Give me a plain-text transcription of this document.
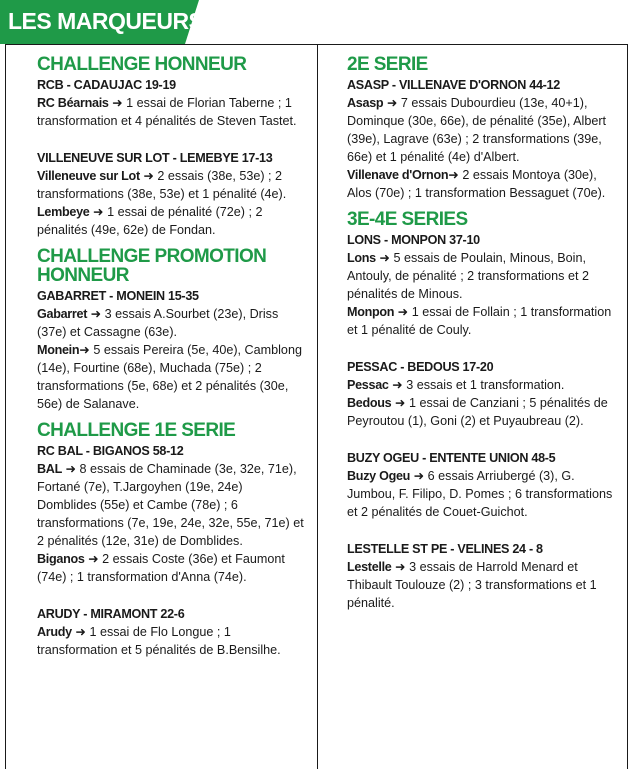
LES MARQUEURS
CHALLENGE HONNEUR
RCB - CADAUJAC 19-19

RC Béarnais ➜ 1 essai de Florian Taberne ; 1 transformation et 4 pénalités de Steven Tastet.

VILLENEUVE SUR LOT - LEMEBYE 17-13

Villeneuve sur Lot ➜ 2 essais (38e, 53e) ; 2 transformations (38e, 53e) et 1 pénalité (4e).

Lembeye ➜ 1 essai de pénalité (72e) ; 2 pénalités (49e, 62e) de Fondan.

CHALLENGE PROMOTION HONNEUR
GABARRET - MONEIN 15-35

Gabarret ➜ 3 essais A.Sourbet (23e), Driss (37e) et Cassagne (63e).

Monein➜ 5 essais Pereira (5e, 40e), Camblong (14e), Fourtine (68e), Muchada (75e) ; 2 transformations (5e, 68e) et 2 pénalités (30e, 56e) de Salanave.

CHALLENGE 1E SERIE
RC BAL - BIGANOS 58-12

BAL ➜ 8 essais de Chaminade (3e, 32e, 71e), Fortané (7e), T.Jargoyhen (19e, 24e) Domblides (55e) et Cambe (78e) ; 6 transformations (7e, 19e, 24e, 32e, 55e, 71e) et 2 pénalités (12e, 31e) de Domblides.

Biganos ➜ 2 essais Coste (36e) et Faumont (74e) ; 1 transformation d'Anna (74e).

ARUDY - MIRAMONT 22-6

Arudy ➜ 1 essai de Flo Longue ; 1 transformation et 5 pénalités de B.Bensilhe.

2E SERIE
ASASP - VILLENAVE D'ORNON 44-12

Asasp ➜ 7 essais Dubourdieu (13e, 40+1), Dominque (30e, 66e), de pénalité (35e), Albert (39e), Lagrave (63e) ; 2 transformations (39e, 66e) et 1 pénalité (4e) d'Albert.

Villenave d'Ornon➜ 2 essais Montoya (30e), Alos (70e) ; 1 transformation Bessaguet (70e).

3E-4E SERIES
LONS - MONPON 37-10

Lons ➜ 5 essais de Poulain, Minous, Boin, Antouly, de pénalité ; 2 transformations et 2 pénalités de Minous.

Monpon ➜ 1 essai de Follain ; 1 transformation et 1 pénalité de Couly.

PESSAC - BEDOUS 17-20

Pessac ➜ 3 essais et 1 transformation.

Bedous ➜ 1 essai de Canziani ; 5 pénalités de Peyroutou (1), Goni (2) et Puyaubreau (2).

BUZY OGEU - ENTENTE UNION 48-5

Buzy Ogeu ➜ 6 essais Arriubergé (3), G. Jumbou, F. Filipo, D. Pomes ; 6 transformations et 2 pénalités de Couet-Guichot.

LESTELLE ST PE - VELINES 24 - 8

Lestelle ➜ 3 essais de Harrold Menard et Thibault Toulouze (2) ; 3 transformations et 1 pénalité.
